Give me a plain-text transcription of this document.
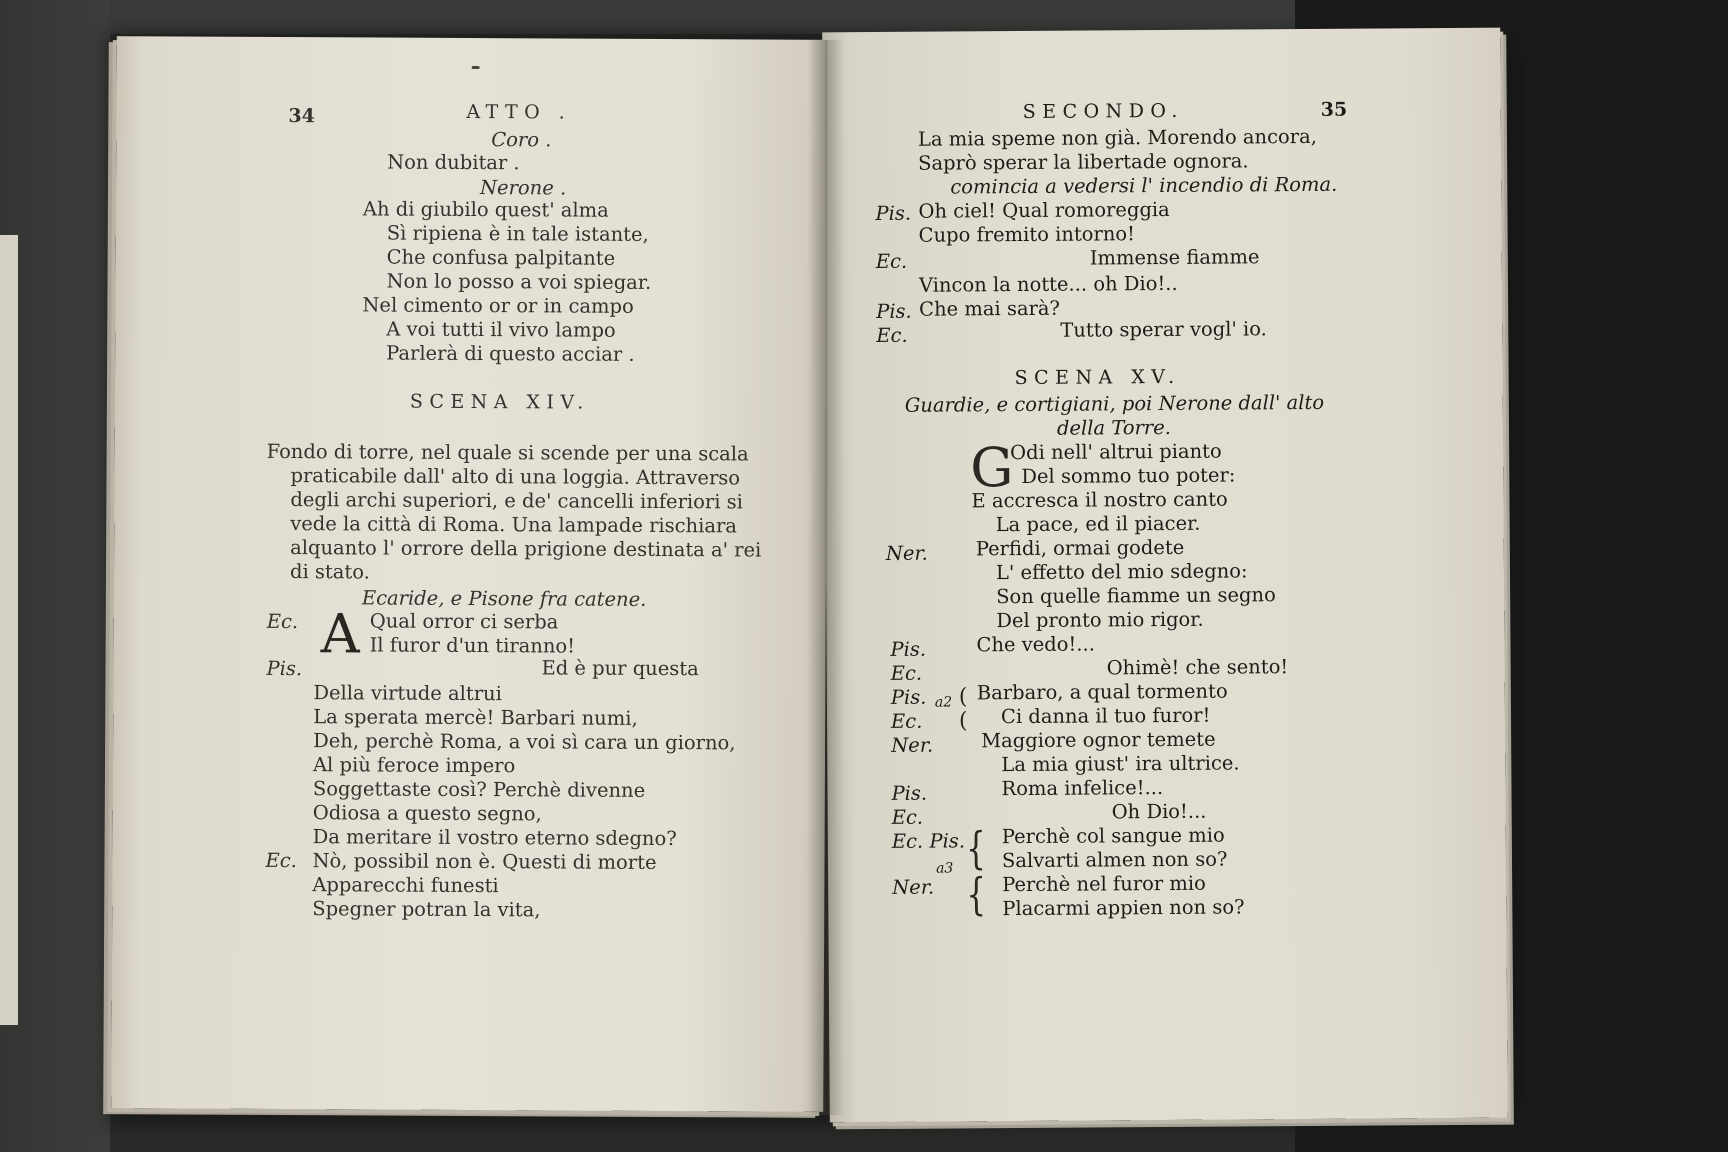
34	ATTO .
Coro .
Non dubitar .
Nerone .
Ah di giubilo quest' alma
Sì ripiena è in tale istante,
Che confusa palpitante
Non lo posso a voi spiegar.
Nel cimento or or in campo
A voi tutti il vivo lampo
Parlerà di questo acciar .
SCENA XIV.
Fondo di torre, nel quale si scende per una scala
praticabile dall' alto di una loggia. Attraverso
degli archi superiori, e de' cancelli inferiori si
vede la città di Roma. Una lampade rischiara
alquanto l' orrore della prigione destinata a' rei
di stato.
Ecaride, e Pisone fra catene.
Ec. A Qual orror ci serba
Il furor d'un tiranno!
Pis.	Ed è pur questa
Della virtude altrui
La sperata mercè! Barbari numi,
Deh, perchè Roma, a voi sì cara un giorno,
Al più feroce impero
Soggettaste così? Perchè divenne
Odiosa a questo segno,
Da meritare il vostro eterno sdegno?
Ec. Nò, possibil non è. Questi di morte
Apparecchi funesti
Spegner potran la vita,
SECONDO.	35
La mia speme non già. Morendo ancora,
Saprò sperar la libertade ognora.
comincia a vedersi l' incendio di Roma.
Pis. Oh ciel! Qual romoreggia
Cupo fremito intorno!
Ec.	Immense fiamme
Vincon la notte... oh Dio!..
Pis. Che mai sarà?
Ec.	Tutto sperar vogl' io.
SCENA XV.
Guardie, e cortigiani, poi Nerone dall' alto
della Torre.
G
Odi nell' altrui pianto
Del sommo tuo poter:
E accresca il nostro canto
La pace, ed il piacer.
Ner. Perfidi, ormai godete
L' effetto del mio sdegno:
Son quelle fiamme un segno
Del pronto mio rigor.
Pis.	Che vedo!...
Ec.	Ohimè! che sento!
Pis.
Ec.
a2 (
(
Barbaro, a qual tormento
Ci danna il tuo furor!
Ner. Maggiore ognor temete
La mia giust' ira ultrice.
Pis.	Roma infelice!...
Ec.	Oh Dio!...
Ec. Pis.
Ner.
a3 {
{
Perchè col sangue mio
Salvarti almen non so?
Perchè nel furor mio
Placarmi appien non so?
